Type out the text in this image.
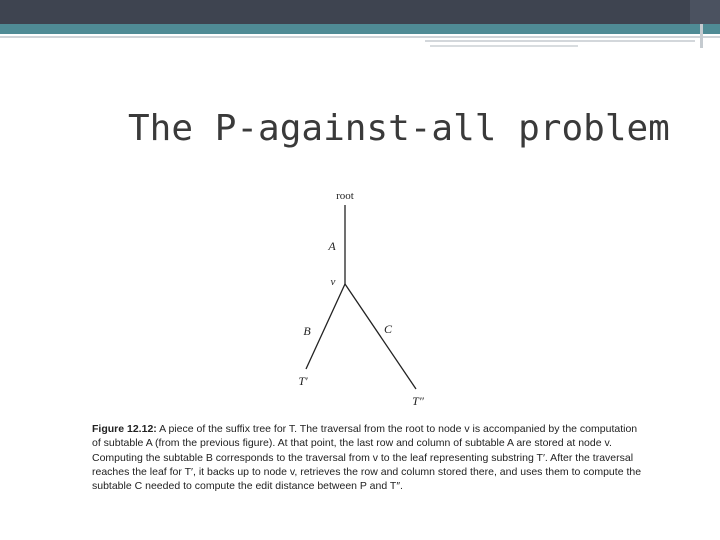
The P-against-all problem
root
A
v
B	C
T′
T″
Figure 12.12: A piece of the suffix tree for T. The traversal from the root to node v is accompanied by the computation of subtable A (from the previous figure). At that point, the last row and column of subtable A are stored at node v. Computing the subtable B corresponds to the traversal from v to the leaf representing substring T′. After the traversal reaches the leaf for T′, it backs up to node v, retrieves the row and column stored there, and uses them to compute the subtable C needed to compute the edit distance between P and T″.
